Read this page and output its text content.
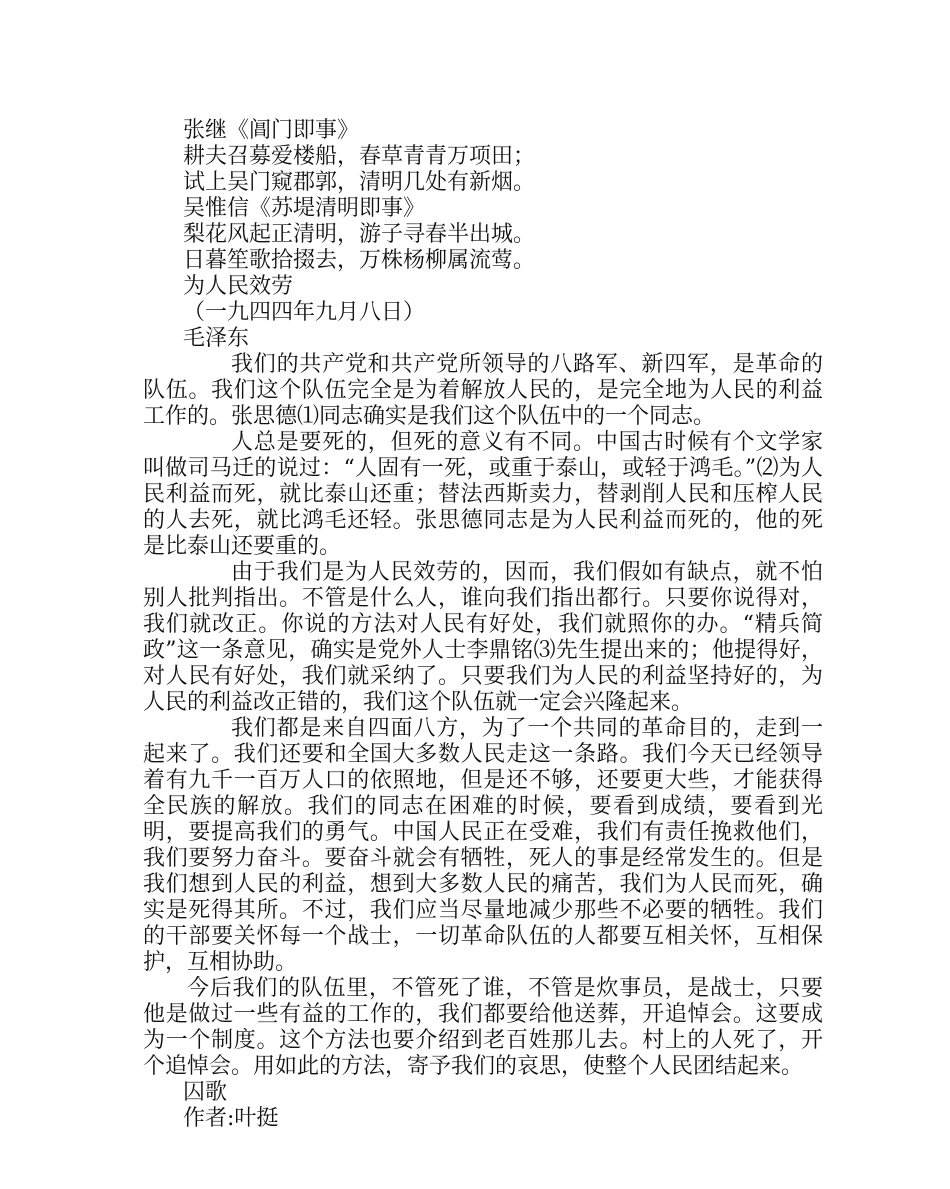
张继《阊门即事》

耕夫召募爱楼船，春草青青万项田；

试上吴门窥郡郭，清明几处有新烟。

吴惟信《苏堤清明即事》

梨花风起正清明，游子寻春半出城。

日暮笙歌拾掇去，万株杨柳属流莺。

为人民效劳

（一九四四年九月八日）

毛泽东

我们的共产党和共产党所领导的八路军、新四军，是革命的队伍。我们这个队伍完全是为着解放人民的，是完全地为人民的利益工作的。张思德⑴同志确实是我们这个队伍中的一个同志。

人总是要死的，但死的意义有不同。中国古时候有个文学家叫做司马迁的说过：“人固有一死，或重于泰山，或轻于鸿毛。”⑵为人民利益而死，就比泰山还重；替法西斯卖力，替剥削人民和压榨人民的人去死，就比鸿毛还轻。张思德同志是为人民利益而死的，他的死是比泰山还要重的。

由于我们是为人民效劳的，因而，我们假如有缺点，就不怕别人批判指出。不管是什么人，谁向我们指出都行。只要你说得对，我们就改正。你说的方法对人民有好处，我们就照你的办。“精兵简政”这一条意见，确实是党外人士李鼎铭⑶先生提出来的；他提得好，对人民有好处，我们就采纳了。只要我们为人民的利益坚持好的，为人民的利益改正错的，我们这个队伍就一定会兴隆起来。

我们都是来自四面八方，为了一个共同的革命目的，走到一起来了。我们还要和全国大多数人民走这一条路。我们今天已经领导着有九千一百万人口的依照地，但是还不够，还要更大些，才能获得全民族的解放。我们的同志在困难的时候，要看到成绩，要看到光明，要提高我们的勇气。中国人民正在受难，我们有责任挽救他们，我们要努力奋斗。要奋斗就会有牺牲，死人的事是经常发生的。但是我们想到人民的利益，想到大多数人民的痛苦，我们为人民而死，确实是死得其所。不过，我们应当尽量地减少那些不必要的牺牲。我们的干部要关怀每一个战士，一切革命队伍的人都要互相关怀，互相保护，互相协助。

今后我们的队伍里，不管死了谁，不管是炊事员，是战士，只要他是做过一些有益的工作的，我们都要给他送葬，开追悼会。这要成为一个制度。这个方法也要介绍到老百姓那儿去。村上的人死了，开个追悼会。用如此的方法，寄予我们的哀思，使整个人民团结起来。

囚歌

作者:叶挺
